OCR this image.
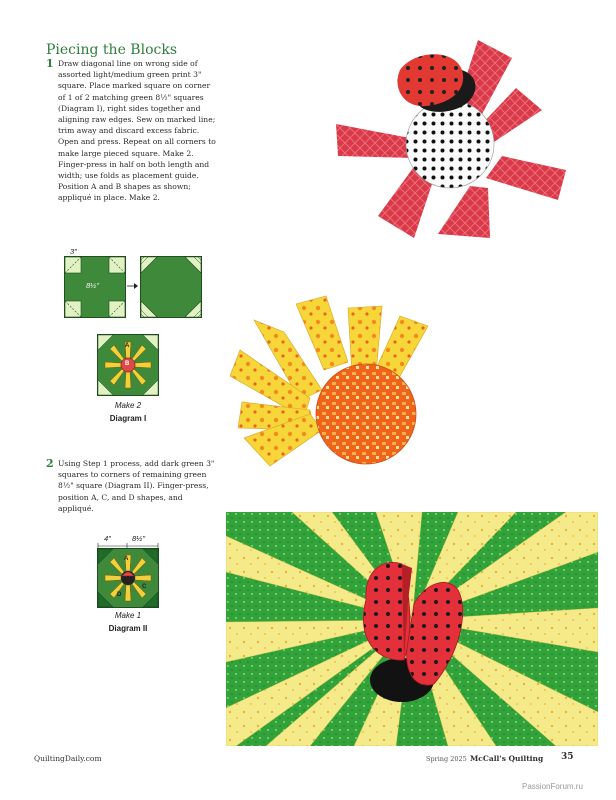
Piecing the Blocks
1 Draw diagonal line on wrong side of assorted light/medium green print 3" square. Place marked square on corner of 1 of 2 matching green 8½" squares (Diagram I), right sides together and aligning raw edges. Sew on marked line; trim away and discard excess fabric. Open and press. Repeat on all corners to make large pieced square. Make 2. Finger-press in half on both length and width; use folds as placement guide. Position A and B shapes as shown; appliqué in place. Make 2.
3"
8½"
A
B
Make 2
Diagram I
2 Using Step 1 process, add dark green 3" squares to corners of remaining green 8½" square (Diagram II). Finger-press, position A, C, and D shapes, and appliqué.
4"	8½"
A
C
D
Make 1
Diagram II
QuiltingDaily.com	Spring 2025 McCall's Quilting 35
PassionForum.ru
